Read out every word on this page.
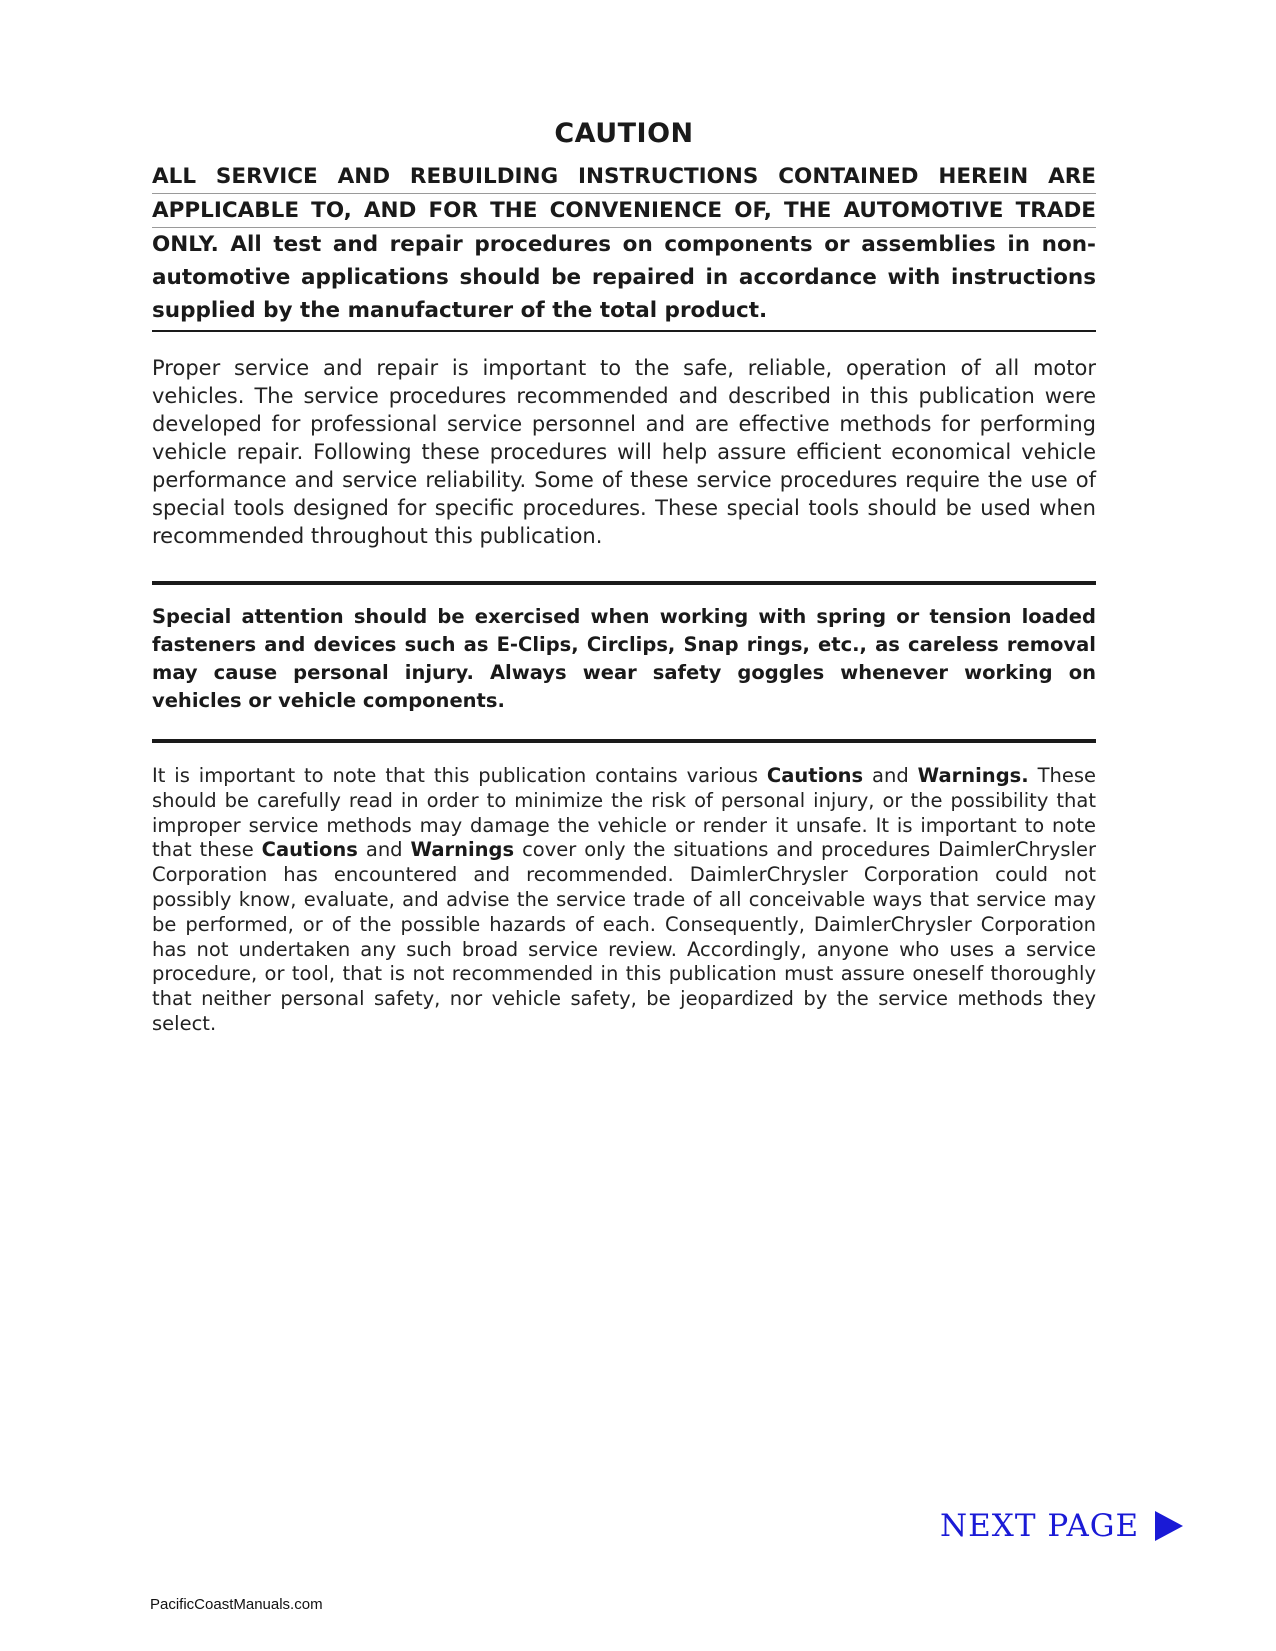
CAUTION
ALL SERVICE AND REBUILDING INSTRUCTIONS CONTAINED HEREIN ARE
APPLICABLE TO, AND FOR THE CONVENIENCE OF, THE AUTOMOTIVE TRADE
ONLY. All test and repair procedures on components or assemblies in non-automotive applications should be repaired in accordance with instructions supplied by the manufacturer of the total product.
Proper service and repair is important to the safe, reliable, operation of all motor vehicles. The service procedures recommended and described in this publication were developed for professional service personnel and are effective methods for performing vehicle repair. Following these procedures will help assure efficient economical vehicle performance and service reliability. Some of these service procedures require the use of special tools designed for specific procedures. These special tools should be used when recommended throughout this publication.
Special attention should be exercised when working with spring or tension loaded fasteners and devices such as E-Clips, Circlips, Snap rings, etc., as careless removal may cause personal injury. Always wear safety goggles whenever working on vehicles or vehicle components.
It is important to note that this publication contains various Cautions and Warnings. These should be carefully read in order to minimize the risk of personal injury, or the possibility that improper service methods may damage the vehicle or render it unsafe. It is important to note that these Cautions and Warnings cover only the situations and procedures DaimlerChrysler Corporation has encountered and recommended. DaimlerChrysler Corporation could not possibly know, evaluate, and advise the service trade of all conceivable ways that service may be performed, or of the possible hazards of each. Consequently, DaimlerChrysler Corporation has not undertaken any such broad service review. Accordingly, anyone who uses a service procedure, or tool, that is not recommended in this publication must assure oneself thoroughly that neither personal safety, nor vehicle safety, be jeopardized by the service methods they select.
NEXT PAGE
PacificCoastManuals.com
